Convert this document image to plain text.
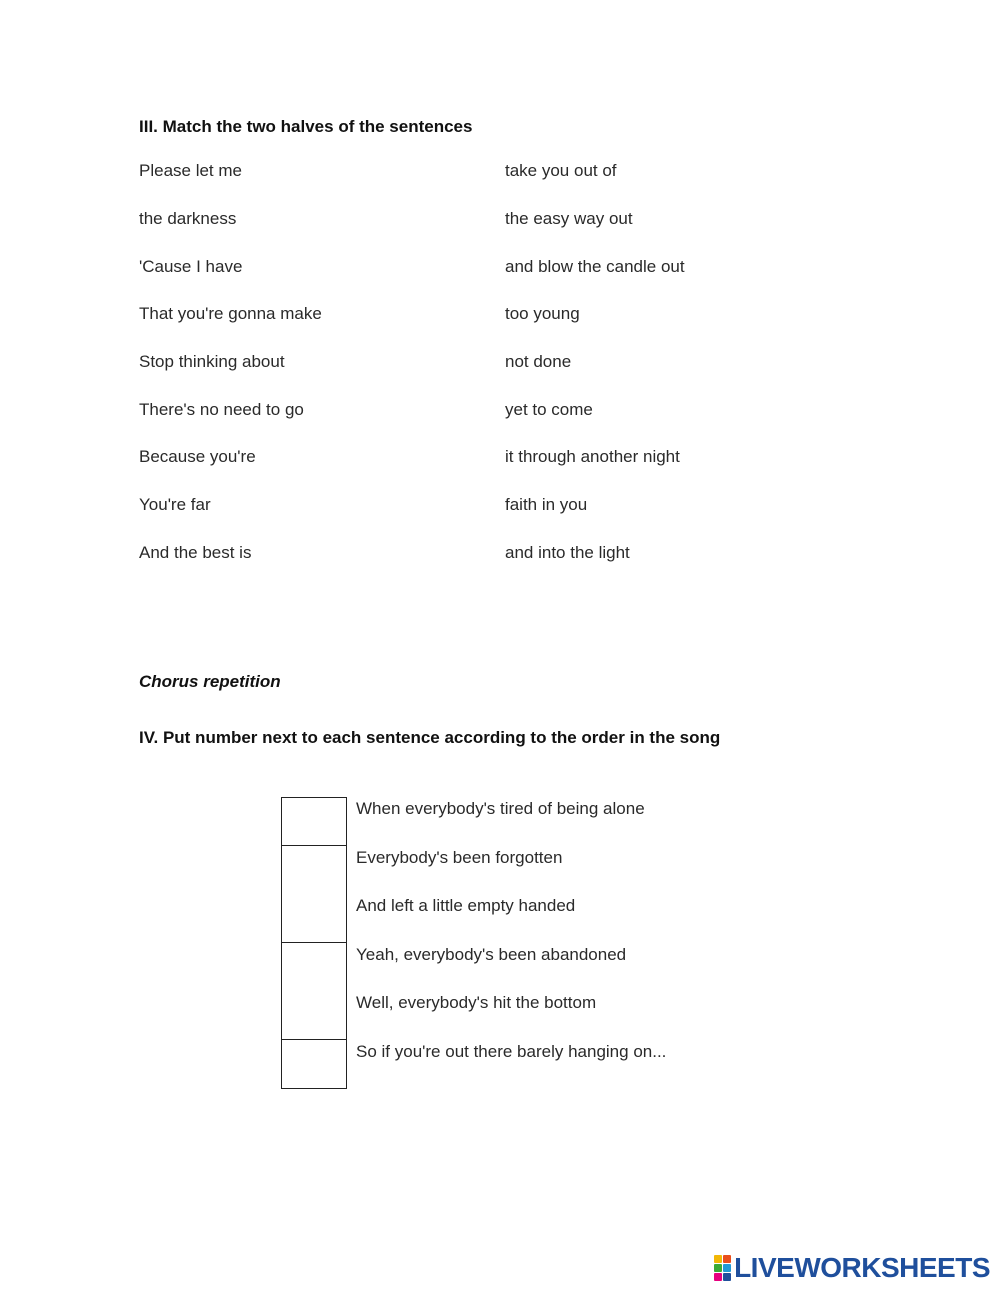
III. Match the two halves of the sentences
Please let me	take you out of
the darkness	the easy way out
'Cause I have	and blow the candle out
That you're gonna make	too young
Stop thinking about	not done
There's no need to go	yet to come
Because you're	it through another night
You're far	faith in you
And the best is	and into the light
Chorus repetition
IV. Put number next to each sentence according to the order in the song
When everybody's tired of being alone
Everybody's been forgotten
And left a little empty handed
Yeah, everybody's been abandoned
Well, everybody's hit the bottom
So if you're out there barely hanging on...
LIVEWORKSHEETS
